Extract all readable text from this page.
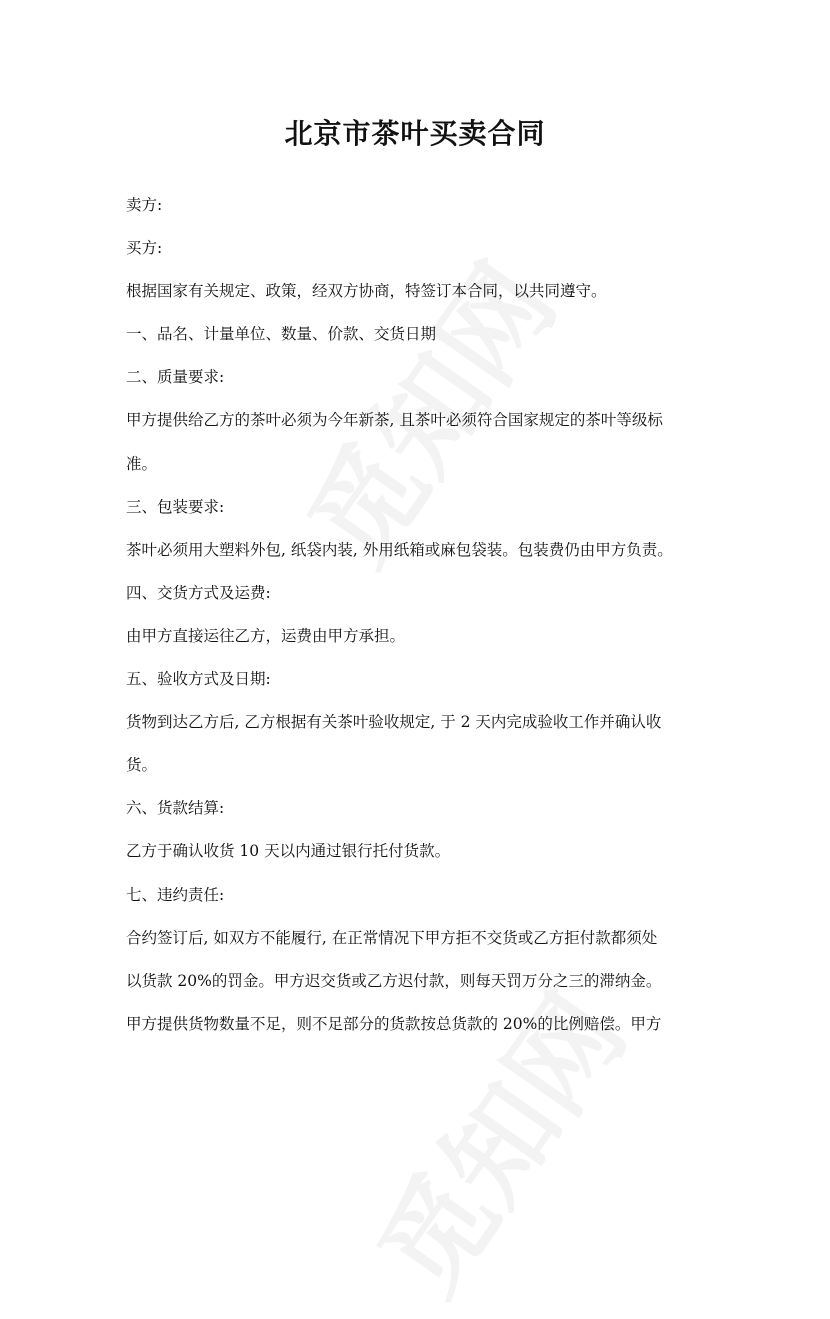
北京市茶叶买卖合同
卖方:
买方:
根据国家有关规定、政策，经双方协商，特签订本合同，以共同遵守。
一、品名、计量单位、数量、价款、交货日期
二、质量要求:
甲方提供给乙方的茶叶必须为今年新茶, 且茶叶必须符合国家规定的茶叶等级标
准。
三、包装要求:
茶叶必须用大塑料外包, 纸袋内装, 外用纸箱或麻包袋装。包装费仍由甲方负责。
四、交货方式及运费:
由甲方直接运往乙方，运费由甲方承担。
五、验收方式及日期:
货物到达乙方后, 乙方根据有关茶叶验收规定, 于 2 天内完成验收工作并确认收
货。
六、货款结算:
乙方于确认收货 10 天以内通过银行托付货款。
七、违约责任:
合约签订后, 如双方不能履行, 在正常情况下甲方拒不交货或乙方拒付款都须处
以货款 20%的罚金。甲方迟交货或乙方迟付款，则每天罚万分之三的滞纳金。
甲方提供货物数量不足，则不足部分的货款按总货款的 20%的比例赔偿。甲方
